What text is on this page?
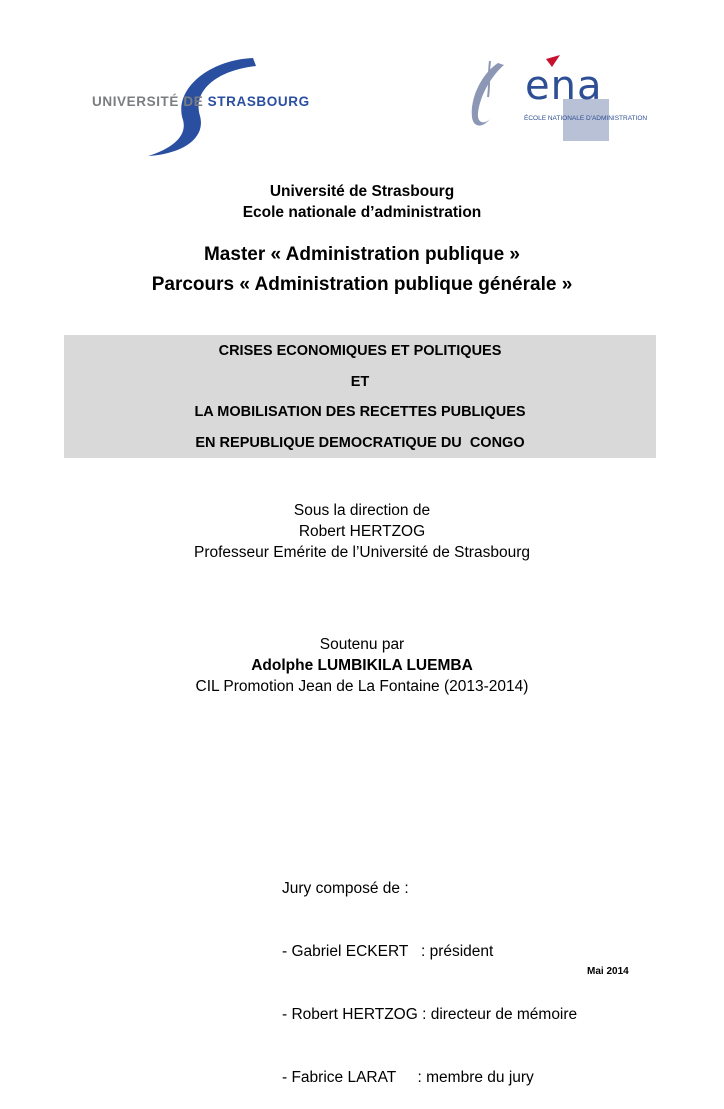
UNIVERSITÉ DE STRASBOURG	ena
ÉCOLE NATIONALE D'ADMINISTRATION
Université de Strasbourg
Ecole nationale d’administration
Master « Administration publique »
Parcours « Administration publique générale »
CRISES ECONOMIQUES ET POLITIQUES
ET
LA MOBILISATION DES RECETTES PUBLIQUES
EN REPUBLIQUE DEMOCRATIQUE DU  CONGO
Sous la direction de
Robert HERTZOG
Professeur Emérite de l’Université de Strasbourg
Soutenu par
Adolphe LUMBIKILA LUEMBA
CIL Promotion Jean de La Fontaine (2013-2014)

Jury composé de :

- Gabriel ECKERT   : président

- Robert HERTZOG : directeur de mémoire

- Fabrice LARAT     : membre du jury

Mai 2014
